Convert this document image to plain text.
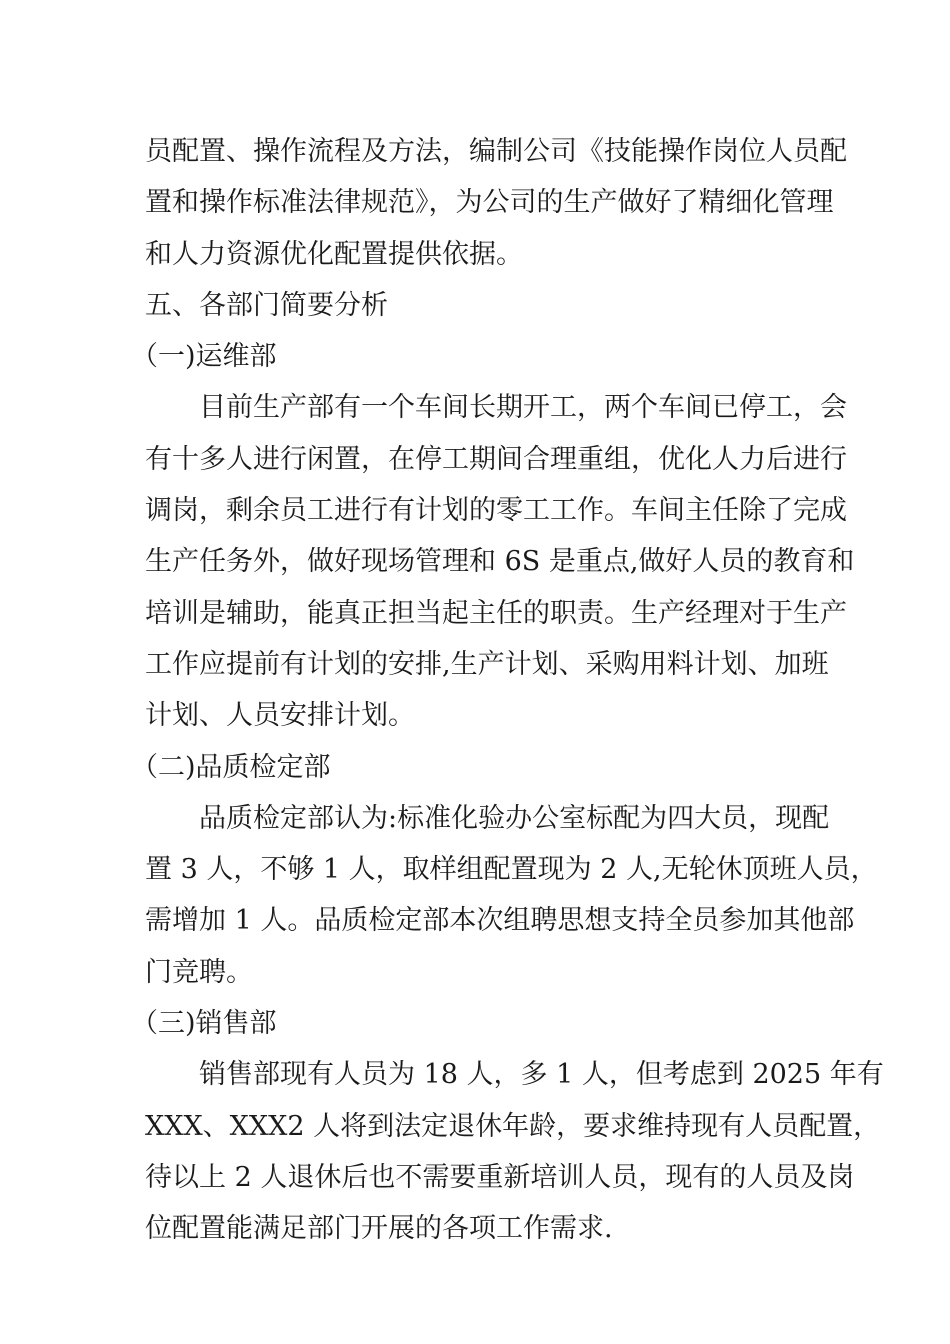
员配置、操作流程及方法，编制公司《技能操作岗位人员配
置和操作标准法律规范》，为公司的生产做好了精细化管理
和人力资源优化配置提供依据。
五、各部门简要分析
（一)运维部
目前生产部有一个车间长期开工，两个车间已停工，会
有十多人进行闲置，在停工期间合理重组，优化人力后进行
调岗，剩余员工进行有计划的零工工作。车间主任除了完成
生产任务外，做好现场管理和 6S 是重点,做好人员的教育和
培训是辅助，能真正担当起主任的职责。生产经理对于生产
工作应提前有计划的安排,生产计划、采购用料计划、加班
计划、人员安排计划。
（二)品质检定部
品质检定部认为:标准化验办公室标配为四大员，现配
置 3 人，不够 1 人，取样组配置现为 2 人,无轮休顶班人员，
需增加 1 人。品质检定部本次组聘思想支持全员参加其他部
门竞聘。
（三)销售部
销售部现有人员为 18 人，多 1 人，但考虑到 2025 年有
XXX、XXX2 人将到法定退休年龄，要求维持现有人员配置，
待以上 2 人退休后也不需要重新培训人员，现有的人员及岗
位配置能满足部门开展的各项工作需求.
